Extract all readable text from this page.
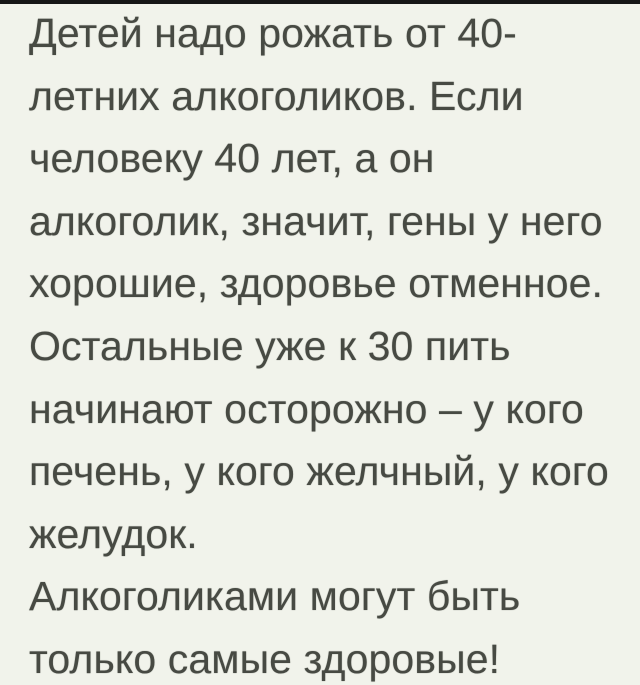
Детей надо рожать от 40-
летних алкоголиков. Если
человеку 40 лет, а он
алкоголик, значит, гены у него
хорошие, здоровье отменное.
Остальные уже к 30 пить
начинают осторожно – у кого
печень, у кого желчный, у кого
желудок.
Алкоголиками могут быть
только самые здоровые!
